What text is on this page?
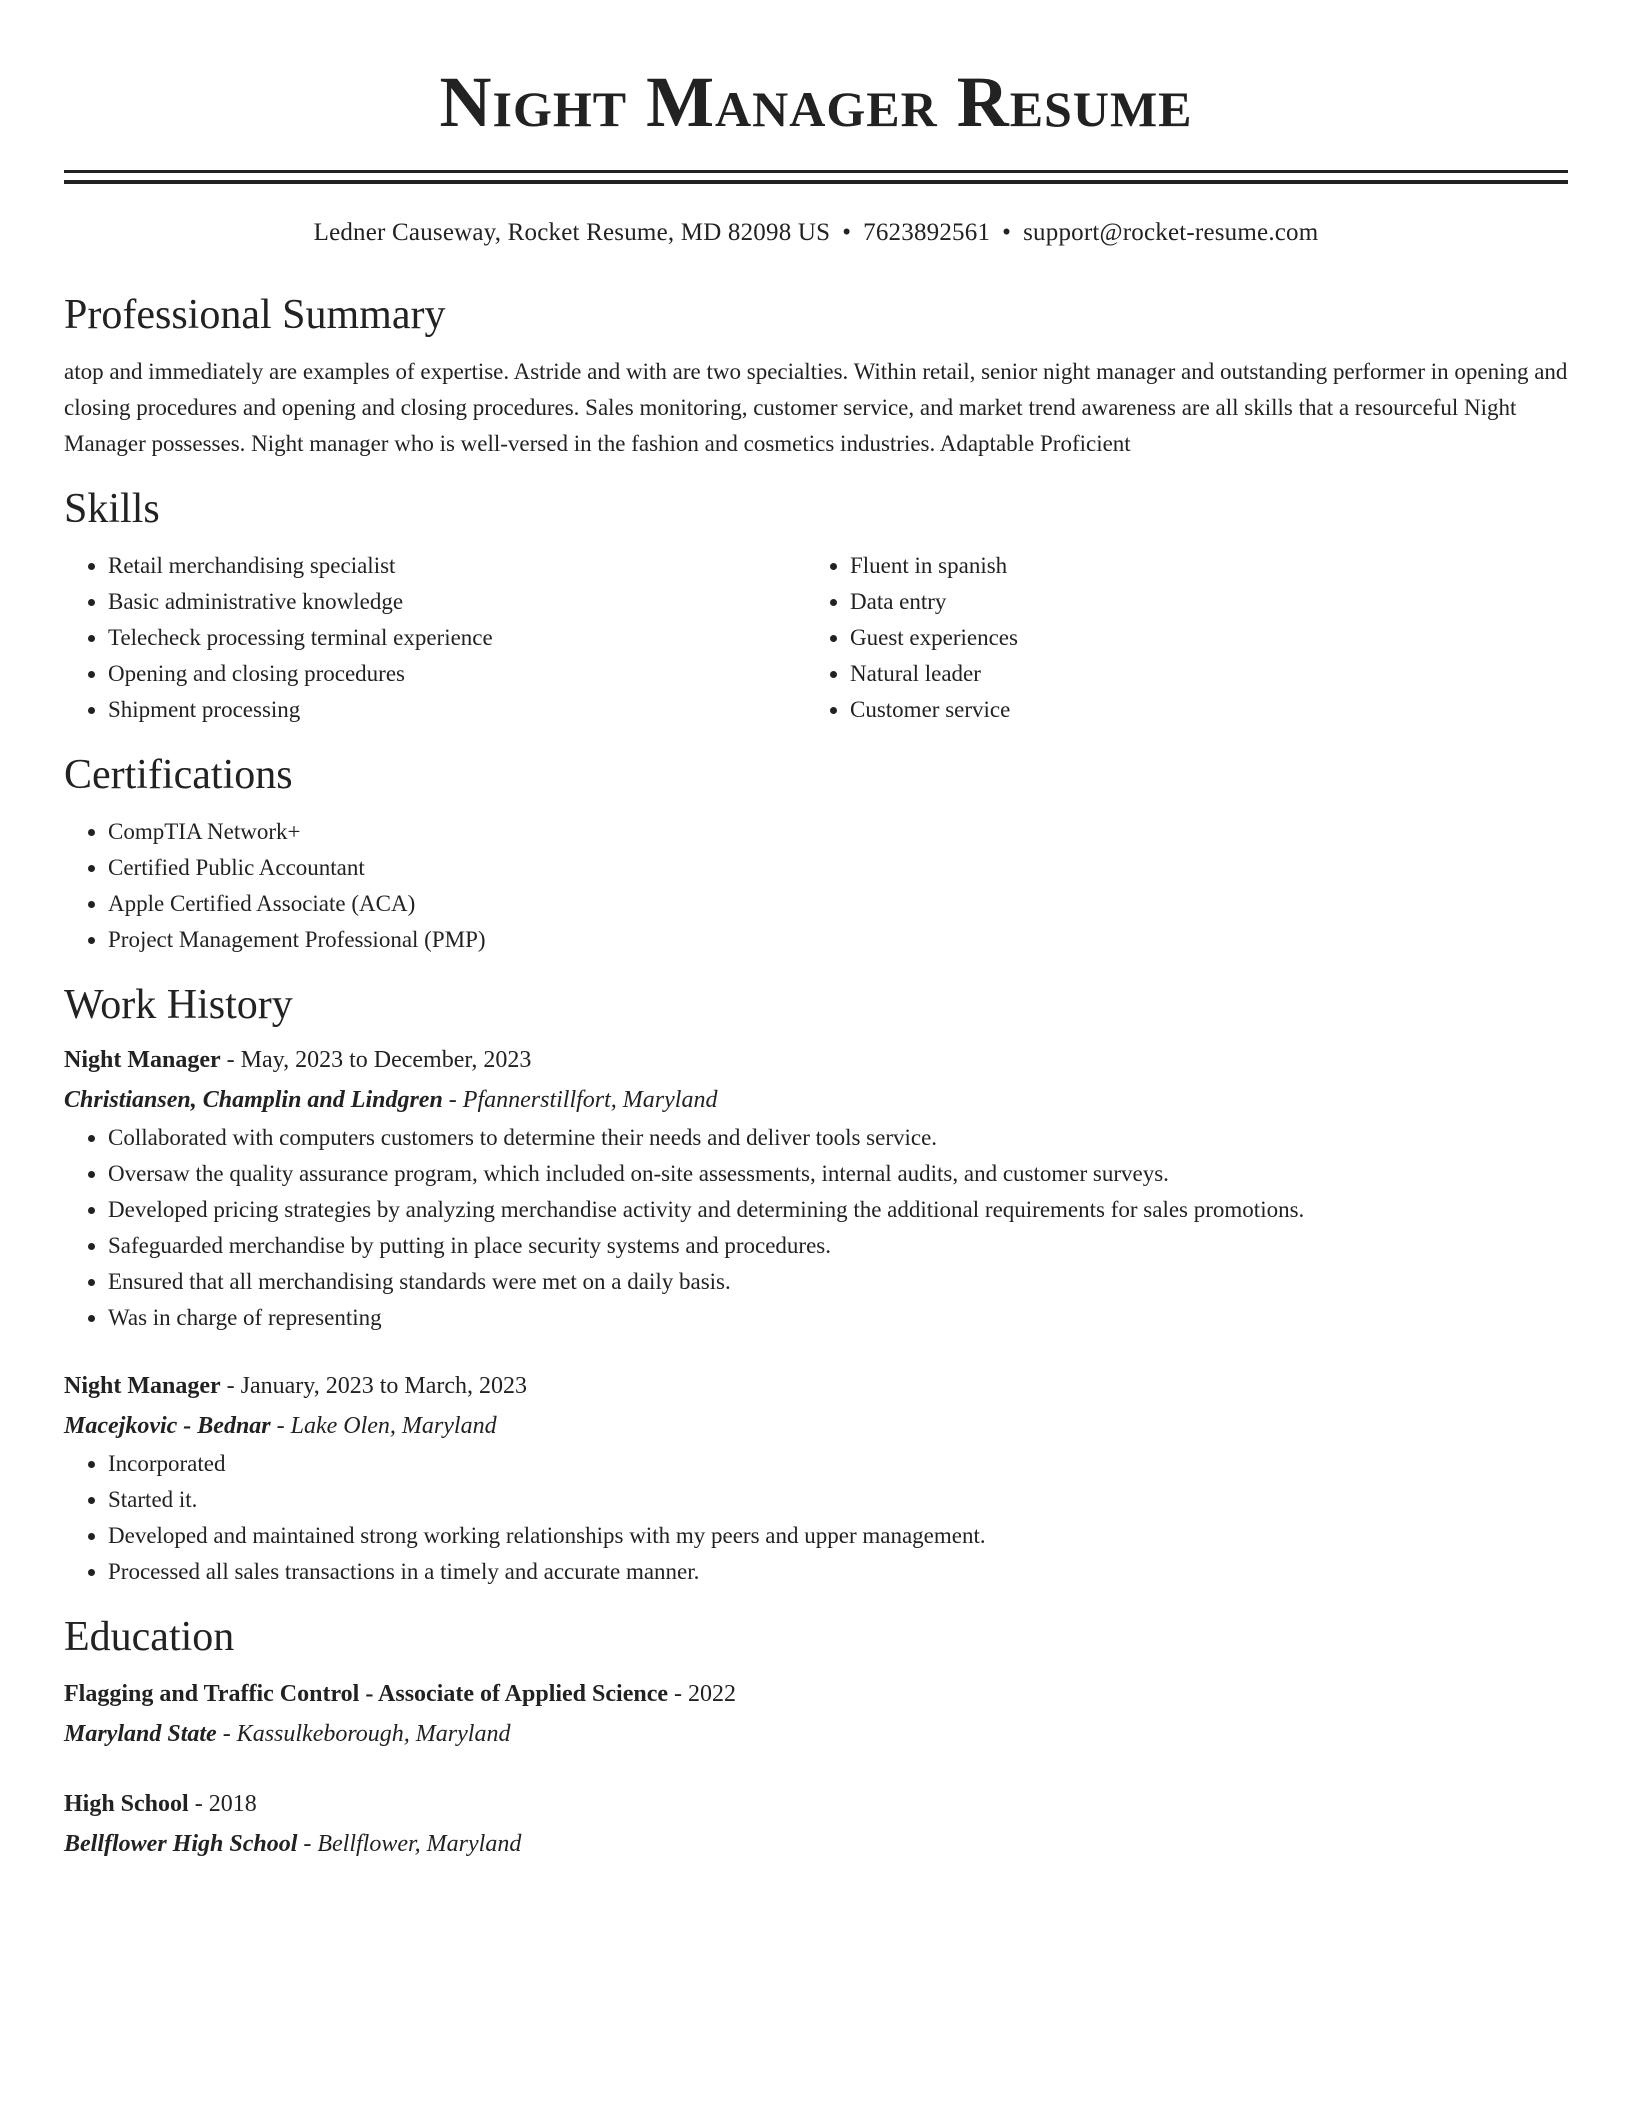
Night Manager Resume
Ledner Causeway, Rocket Resume, MD 82098 US • 7623892561 • support@rocket-resume.com
Professional Summary

atop and immediately are examples of expertise. Astride and with are two specialties. Within retail, senior night manager and outstanding performer in opening and closing procedures and opening and closing procedures. Sales monitoring, customer service, and market trend awareness are all skills that a resourceful Night Manager possesses. Night manager who is well-versed in the fashion and cosmetics industries. Adaptable Proficient

Skills
• Retail merchandising specialist
• Basic administrative knowledge
• Telecheck processing terminal experience
• Opening and closing procedures
• Shipment processing
• Fluent in spanish
• Data entry
• Guest experiences
• Natural leader
• Customer service
Certifications
• CompTIA Network+
• Certified Public Accountant
• Apple Certified Associate (ACA)
• Project Management Professional (PMP)
Work History
Night Manager - May, 2023 to December, 2023
Christiansen, Champlin and Lindgren - Pfannerstillfort, Maryland
• Collaborated with computers customers to determine their needs and deliver tools service.
• Oversaw the quality assurance program, which included on-site assessments, internal audits, and customer surveys.
• Developed pricing strategies by analyzing merchandise activity and determining the additional requirements for sales promotions.
• Safeguarded merchandise by putting in place security systems and procedures.
• Ensured that all merchandising standards were met on a daily basis.
• Was in charge of representing
Night Manager - January, 2023 to March, 2023
Macejkovic - Bednar - Lake Olen, Maryland
• Incorporated
• Started it.
• Developed and maintained strong working relationships with my peers and upper management.
• Processed all sales transactions in a timely and accurate manner.
Education
Flagging and Traffic Control - Associate of Applied Science - 2022
Maryland State - Kassulkeborough, Maryland
High School - 2018
Bellflower High School - Bellflower, Maryland
